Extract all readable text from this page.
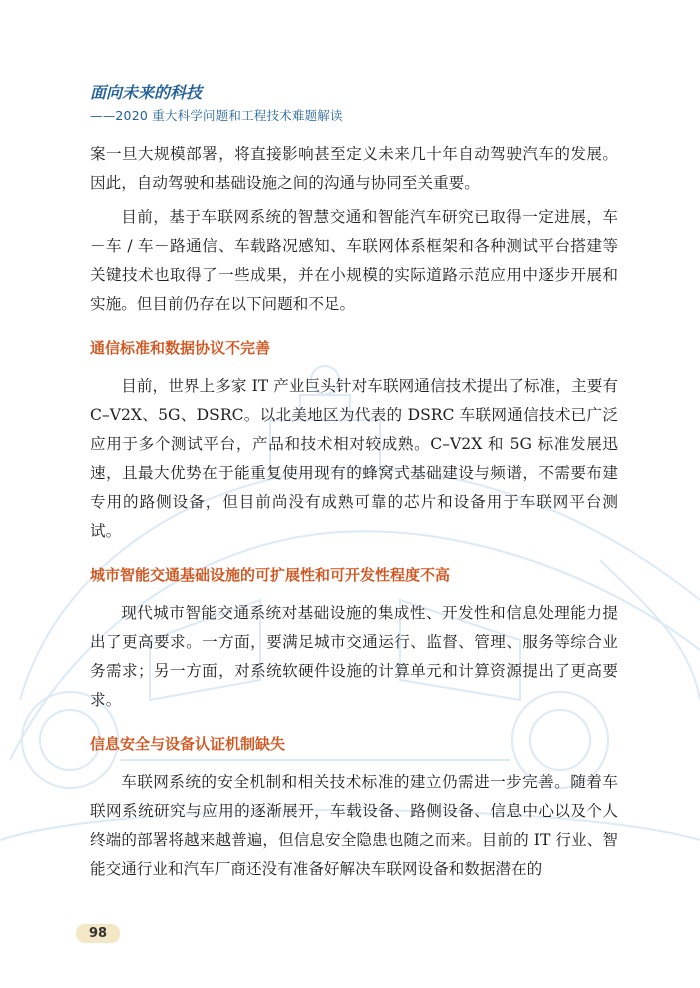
面向未来的科技
——2020 重大科学问题和工程技术难题解读

案一旦大规模部署，将直接影响甚至定义未来几十年自动驾驶汽车的发展。因此，自动驾驶和基础设施之间的沟通与协同至关重要。

目前，基于车联网系统的智慧交通和智能汽车研究已取得一定进展，车－车 / 车－路通信、车载路况感知、车联网体系框架和各种测试平台搭建等关键技术也取得了一些成果，并在小规模的实际道路示范应用中逐步开展和实施。但目前仍存在以下问题和不足。

通信标准和数据协议不完善

目前，世界上多家 IT 产业巨头针对车联网通信技术提出了标准，主要有 C–V2X、5G、DSRC。以北美地区为代表的 DSRC 车联网通信技术已广泛应用于多个测试平台，产品和技术相对较成熟。C–V2X 和 5G 标准发展迅速，且最大优势在于能重复使用现有的蜂窝式基础建设与频谱，不需要布建专用的路侧设备，但目前尚没有成熟可靠的芯片和设备用于车联网平台测试。

城市智能交通基础设施的可扩展性和可开发性程度不高

现代城市智能交通系统对基础设施的集成性、开发性和信息处理能力提出了更高要求。一方面，要满足城市交通运行、监督、管理、服务等综合业务需求；另一方面，对系统软硬件设施的计算单元和计算资源提出了更高要求。

信息安全与设备认证机制缺失

车联网系统的安全机制和相关技术标准的建立仍需进一步完善。随着车联网系统研究与应用的逐渐展开，车载设备、路侧设备、信息中心以及个人终端的部署将越来越普遍，但信息安全隐患也随之而来。目前的 IT 行业、智能交通行业和汽车厂商还没有准备好解决车联网设备和数据潜在的

98
